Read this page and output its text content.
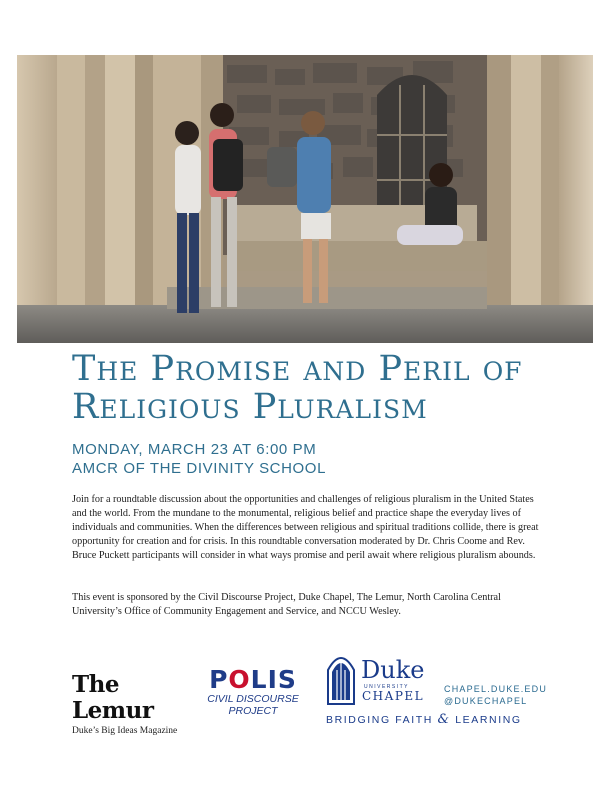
The Promise and Peril of
Religious Pluralism
MONDAY, MARCH 23 AT 6:00 PM
AMCR OF THE DIVINITY SCHOOL

Join for a roundtable discussion about the opportunities and challenges of religious pluralism in the United States and the world. From the mundane to the monumental, religious belief and practice shape the everyday lives of individuals and communities. When the differences between religious and spiritual traditions collide, there is great opportunity for creation and for crisis. In this roundtable conversation moderated by Dr. Chris Coome and Rev. Bruce Puckett participants will consider in what ways promise and peril await where religious pluralism abounds.

This event is sponsored by the Civil Discourse Project, Duke Chapel, The Lemur, North Carolina Central University’s Office of Community Engagement and Service, and NCCU Wesley.

The Lemur
Duke’s Big Ideas Magazine
POLIS
CIVIL DISCOURSE
PROJECT
Duke
UNIVERSITY
CHAPEL
BRIDGING FAITH & LEARNING
CHAPEL.DUKE.EDU
@DUKECHAPEL
